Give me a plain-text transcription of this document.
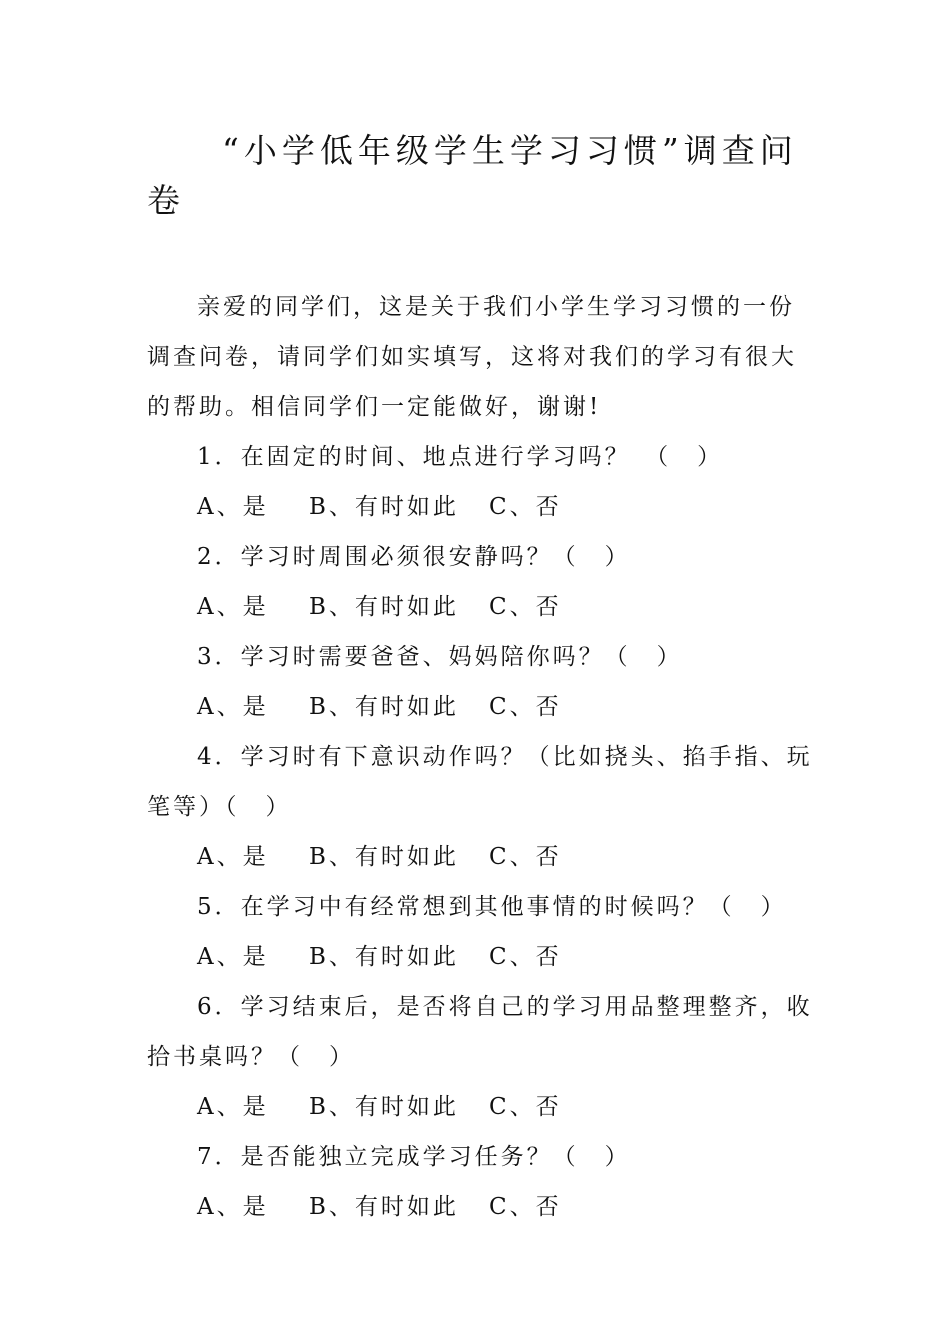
“小学低年级学生学习习惯”调查问卷

亲爱的同学们，这是关于我们小学生学习习惯的一份调查问卷，请同学们如实填写，这将对我们的学习有很大的帮助。相信同学们一定能做好，谢谢!

1．在固定的时间、地点进行学习吗？　（　）

A、是 B、有时如此 C、否

2．学习时周围必须很安静吗？（　）

A、是 B、有时如此 C、否

3．学习时需要爸爸、妈妈陪你吗？（　）

A、是 B、有时如此 C、否

4．学习时有下意识动作吗？（比如挠头、掐手指、玩笔等）（　）

A、是 B、有时如此 C、否

5．在学习中有经常想到其他事情的时候吗？（　）

A、是 B、有时如此 C、否

6．学习结束后，是否将自己的学习用品整理整齐，收拾书桌吗？（　）

A、是 B、有时如此 C、否

7．是否能独立完成学习任务？（　）

A、是 B、有时如此 C、否
